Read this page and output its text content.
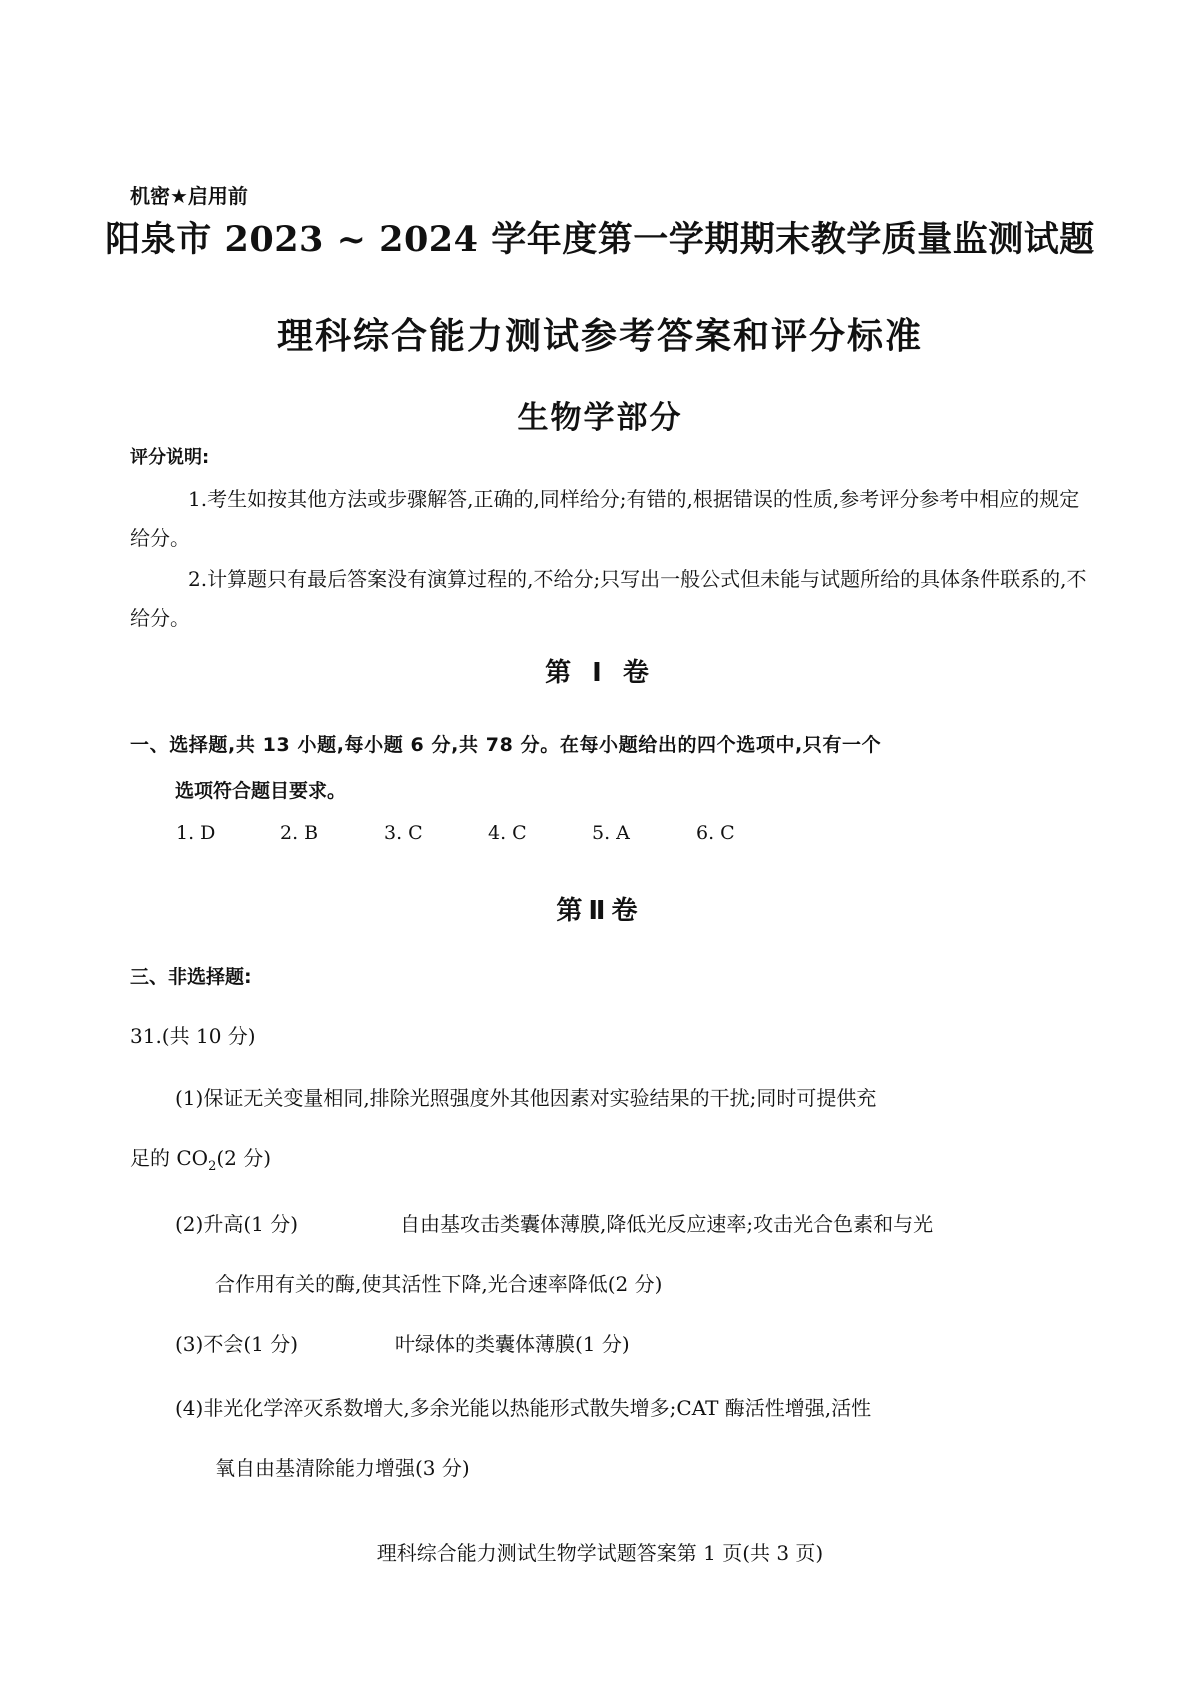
机密★启用前
阳泉市 2023 ~ 2024 学年度第一学期期末教学质量监测试题
理科综合能力测试参考答案和评分标准
生物学部分
评分说明:
1.考生如按其他方法或步骤解答,正确的,同样给分;有错的,根据错误的性质,参考评分参考中相应的规定给分。
2.计算题只有最后答案没有演算过程的,不给分;只写出一般公式但未能与试题所给的具体条件联系的,不给分。
第 I 卷
一、选择题,共 13 小题,每小题 6 分,共 78 分。在每小题给出的四个选项中,只有一个
选项符合题目要求。
1. D	2. B	3. C	4. C	5. A	6. C
第Ⅱ卷
三、非选择题:
31.(共 10 分)
(1)保证无关变量相同,排除光照强度外其他因素对实验结果的干扰;同时可提供充
足的 $CO_2(2$ 分)
(2)升高(1 分)	自由基攻击类囊体薄膜,降低光反应速率;攻击光合色素和与光
合作用有关的酶,使其活性下降,光合速率降低(2 分)
(3)不会(1 分)	叶绿体的类囊体薄膜(1 分)
(4)非光化学淬灭系数增大,多余光能以热能形式散失增多;CAT 酶活性增强,活性
氧自由基清除能力增强(3 分)
理科综合能力测试生物学试题答案第 1 页(共 3 页)
